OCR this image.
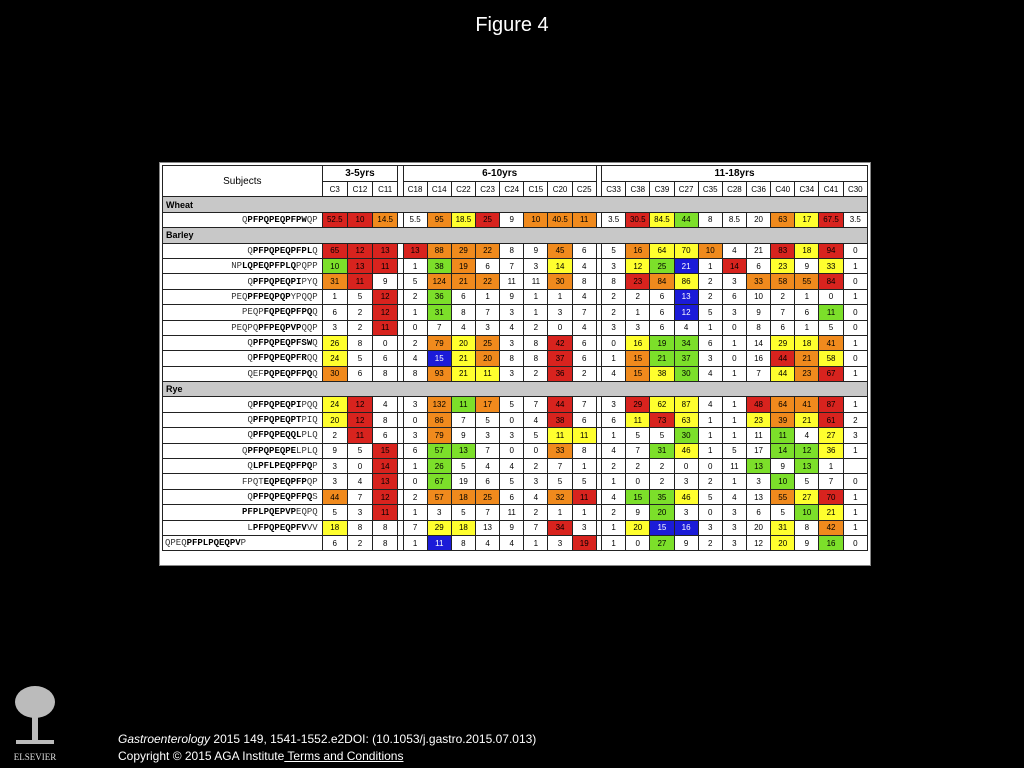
Figure 4
Subjects	3-5yrs				6-10yrs									11-18yrs										
	C3	C12	C11		C18	C14	C22	C23	C24	C15	C20	C25		C33	C38	C39	C27	C35	C28	C36	C40	C34	C41	C30
Wheat																								
QPFPQPEQPFPWQP	52.5	10	14.5		5.5	95	18.5	25	9	10	40.5	11		3.5	30.5	84.5	44	8	8.5	20	63	17	67.5	3.5
Barley																								
QPFPQPEQPFPLQ	65	12	13		13	88	29	22	8	9	45	6		5	16	64	70	10	4	21	83	18	94	0
NPLQPEQPFPLQPQPP	10	13	11		1	38	19	6	7	3	14	4		3	12	25	21	1	14	6	23	9	33	1
QPFPQPEQPIPYQ	31	11	9		5	124	21	22	11	11	30	8		8	23	84	86	2	3	33	58	55	84	0
PEQPFPEQPQPYPQQP	1	5	12		2	36	6	1	9	1	1	4		2	2	6	13	2	6	10	2	1	0	1
PEQPFQPEQPFPQQ	6	2	12		1	31	8	7	3	1	3	7		2	1	6	12	5	3	9	7	6	11	0
PEQPQPFPEQPVPQQP	3	2	11		0	7	4	3	4	2	0	4		3	3	6	4	1	0	8	6	1	5	0
QPFPQPEQPFSWQ	26	8	0		2	79	20	25	3	8	42	6		0	16	19	34	6	1	14	29	18	41	1
QPFPQPEQPFRQQ	24	5	6		4	15	21	20	8	8	37	6		1	15	21	37	3	0	16	44	21	58	0
QEFPQPEQPFPQQ	30	6	8		8	93	21	11	3	2	36	2		4	15	38	30	4	1	7	44	23	67	1
Rye																								
QPFPQPEQPIPQQ	24	12	4		3	132	11	17	5	7	44	7		3	29	62	87	4	1	48	64	41	87	1
QPFPQPEQPTPIQ	20	12	8		0	86	7	5	0	4	38	6		6	11	73	63	1	1	23	39	21	61	2
QPFPQPEQQLPLQ	2	11	6		3	79	9	3	3	5	11	11		1	5	5	30	1	1	11	11	4	27	3
QPFPQPEQPELPLQ	9	5	15		6	57	13	7	0	0	33	8		4	7	31	46	1	5	17	14	12	36	1
QLPFLPEQPFPQP	3	0	14		1	26	5	4	4	2	7	1		2	2	2	0	0	11	13	9	13	1	
FPQTEQPEQPFPQP	3	4	13		0	67	19	6	5	3	5	5		1	0	2	3	2	1	3	10	5	7	0
QPFPQPEQPFPQS	44	7	12		2	57	18	25	6	4	32	11		4	15	35	46	5	4	13	55	27	70	1
PFPLPQEPVPEQPQ	5	3	11		1	3	5	7	11	2	1	1		2	9	20	3	0	3	6	5	10	21	1
LPFPQPEQPFVVV	18	8	8		7	29	18	13	9	7	34	3		1	20	15	16	3	3	20	31	8	42	1
QPEQPFPLPQEQPVP	6	2	8		1	11	8	4	4	1	3	19		1	0	27	9	2	3	12	20	9	16	0
ELSEVIER
Gastroenterology 2015 149, 1541-1552.e2DOI: (10.1053/j.gastro.2015.07.013)
Copyright © 2015 AGA Institute Terms and Conditions
